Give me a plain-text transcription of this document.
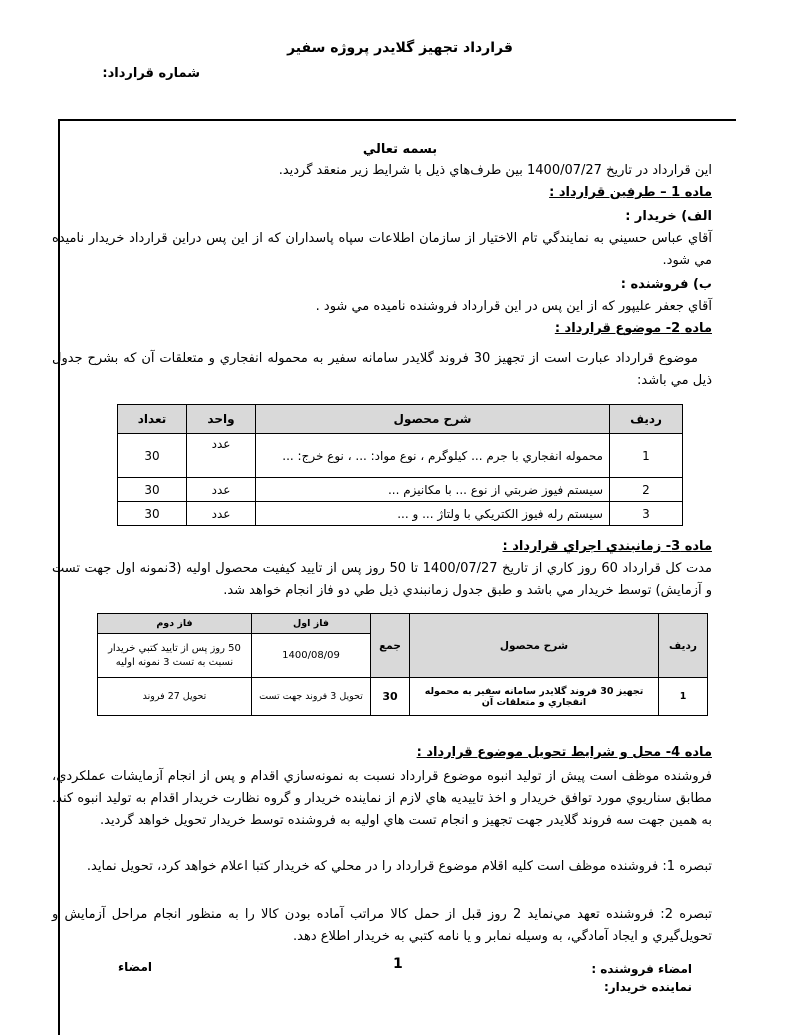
قرارداد تجهيز گلايدر پروژه سفير
شماره قرارداد:
بسمه تعالي
اين قرارداد در تاريخ 1400/07/27 بين طرف‌هاي ذيل با شرايط زير منعقد گرديد.
ماده 1 – طرفين قرارداد :
الف) خريدار :
آقاي عباس حسيني به نمايندگي تام الاختيار از سازمان اطلاعات سپاه پاسداران كه از اين پس دراين قرارداد خريدار ناميده مي شود.
ب) فروشنده :
آقاي جعفر عليپور كه از اين پس در اين قرارداد فروشنده ناميده مي شود .
ماده 2- موضوع قرارداد :
موضوع قرارداد عبارت است از تجهيز 30 فروند گلايدر سامانه سفير به محموله انفجاري و متعلقات آن كه بشرح جدول ذيل مي باشد:
رديف	شرح محصول	واحد	تعداد
1	محموله انفجاري با جرم ... كيلوگرم ، نوع مواد: ... ، نوع خرج: ...	عدد	30
2	سيستم فيوز ضربتي از نوع ... با مكانيزم ...	عدد	30
3	سيستم رله فيوز الكتريكي با ولتاژ ... و ...	عدد	30
ماده 3- زمانبندي اجراي قرارداد :
مدت كل قرارداد 60 روز كاري از تاريخ 1400/07/27 تا 50 روز پس از تاييد كيفيت محصول اوليه (3نمونه اول جهت تست و آزمايش) توسط خريدار مي باشد و طبق جدول زمانبندي ذيل طي دو فاز انجام خواهد شد.
رديف	شرح محصول	جمع	فاز اول	فاز دوم
			1400/08/09	50 روز پس از تاييد كتبي خريدار نسبت به تست 3 نمونه اوليه
1	تجهيز 30 فروند گلايدر سامانه سفير به محموله انفجاري و متعلقات آن	30	تحويل 3 فروند جهت تست	تحويل 27 فروند
ماده 4- محل و شرايط تحويل موضوع قرارداد :
فروشنده موظف است پيش از توليد انبوه موضوع قرارداد نسبت به نمونه‌سازي اقدام و پس از انجام آزمايشات عملكردي، مطابق سناريوي مورد توافق خريدار و اخذ تاييديه هاي لازم از نماينده خريدار و گروه نظارت خريدار اقدام به توليد انبوه كند. به همين جهت سه فروند گلايدر جهت تجهيز و انجام تست هاي اوليه به فروشنده توسط خريدار تحويل خواهد گرديد.
تبصره 1: فروشنده موظف است كليه اقلام موضوع قرارداد را در محلي كه خريدار كتبا اعلام خواهد كرد، تحويل نمايد.
تبصره 2: فروشنده تعهد مي‌نمايد 2 روز قبل از حمل كالا مراتب آماده بودن كالا را به منظور انجام مراحل آزمايش و تحويل‌گيري و ايجاد آمادگي، به وسيله نمابر و يا نامه كتبي به خريدار اطلاع دهد.
امضاء	1	امضاء فروشنده :
نماينده خريدار:
